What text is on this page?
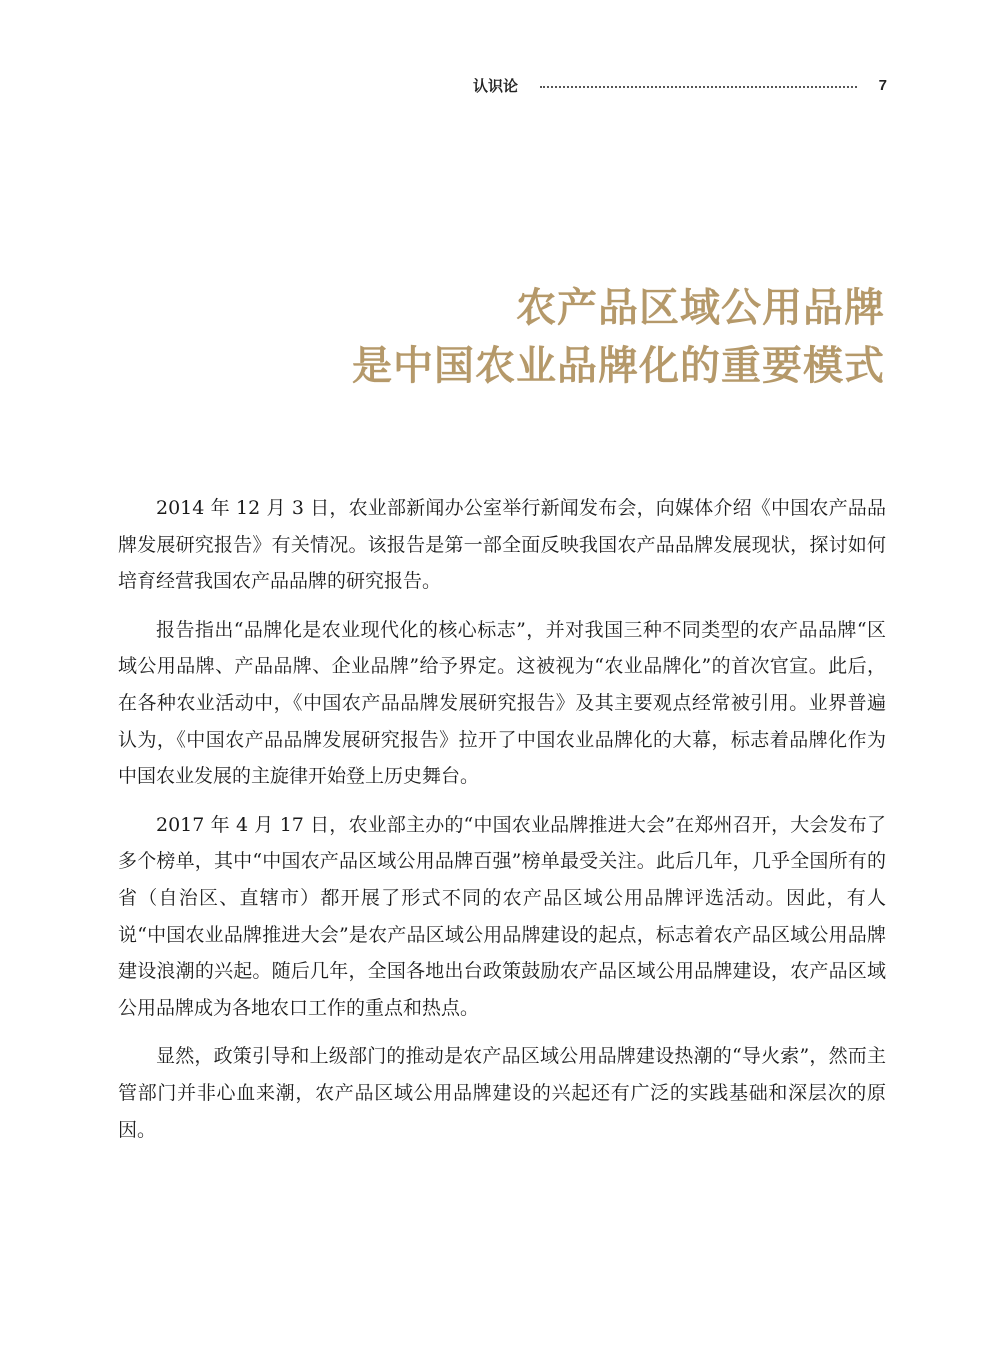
认识论	7
农产品区域公用品牌
是中国农业品牌化的重要模式

2014 年 12 月 3 日，农业部新闻办公室举行新闻发布会，向媒体介绍《中国农产品品牌发展研究报告》有关情况。该报告是第一部全面反映我国农产品品牌发展现状，探讨如何培育经营我国农产品品牌的研究报告。

报告指出“品牌化是农业现代化的核心标志”，并对我国三种不同类型的农产品品牌“区域公用品牌、产品品牌、企业品牌”给予界定。这被视为“农业品牌化”的首次官宣。此后，在各种农业活动中，《中国农产品品牌发展研究报告》及其主要观点经常被引用。业界普遍认为，《中国农产品品牌发展研究报告》拉开了中国农业品牌化的大幕，标志着品牌化作为中国农业发展的主旋律开始登上历史舞台。

2017 年 4 月 17 日，农业部主办的“中国农业品牌推进大会”在郑州召开，大会发布了多个榜单，其中“中国农产品区域公用品牌百强”榜单最受关注。此后几年，几乎全国所有的省（自治区、直辖市）都开展了形式不同的农产品区域公用品牌评选活动。因此，有人说“中国农业品牌推进大会”是农产品区域公用品牌建设的起点，标志着农产品区域公用品牌建设浪潮的兴起。随后几年，全国各地出台政策鼓励农产品区域公用品牌建设，农产品区域公用品牌成为各地农口工作的重点和热点。

显然，政策引导和上级部门的推动是农产品区域公用品牌建设热潮的“导火索”，然而主管部门并非心血来潮，农产品区域公用品牌建设的兴起还有广泛的实践基础和深层次的原因。
